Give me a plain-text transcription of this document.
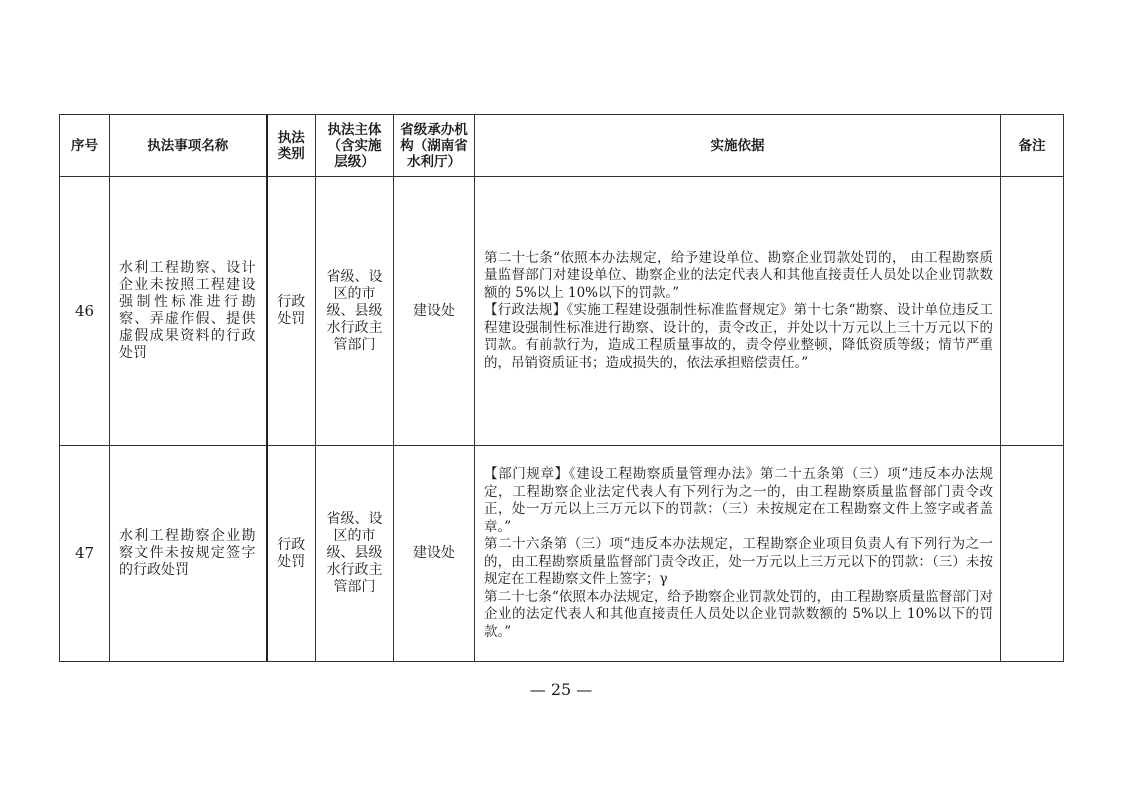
序号	执法事项名称	执法类别	执法主体（含实施层级）	省级承办机构（湖南省水利厅）	实施依据	备注
46	水利工程勘察、设计企业未按照工程建设强制性标准进行勘察、弄虚作假、提供虚假成果资料的行政处罚	行政处罚	省级、设区的市级、县级水行政主管部门	建设处	第二十七条“依照本办法规定，给予建设单位、勘察企业罚款处罚的， 由工程勘察质量监督部门对建设单位、勘察企业的法定代表人和其他直接责任人员处以企业罚款数额的 5%以上 10%以下的罚款。”
【行政法规】《实施工程建设强制性标准监督规定》第十七条“勘察、设计单位违反工程建设强制性标准进行勘察、设计的，责令改正，并处以十万元以上三十万元以下的罚款。有前款行为，造成工程质量事故的，责令停业整顿，降低资质等级；情节严重的，吊销资质证书；造成损失的，依法承担赔偿责任。”	

47	水利工程勘察企业勘察文件未按规定签字的行政处罚	行政处罚	省级、设区的市级、县级水行政主管部门	建设处	【部门规章】《建设工程勘察质量管理办法》第二十五条第（三）项“违反本办法规定，工程勘察企业法定代表人有下列行为之一的，由工程勘察质量监督部门责令改正，处一万元以上三万元以下的罚款：（三）未按规定在工程勘察文件上签字或者盖章。”
第二十六条第（三）项“违反本办法规定，工程勘察企业项目负责人有下列行为之一的，由工程勘察质量监督部门责令改正，处一万元以上三万元以下的罚款：（三）未按规定在工程勘察文件上签字；γ
第二十七条“依照本办法规定，给予勘察企业罚款处罚的，由工程勘察质量监督部门对企业的法定代表人和其他直接责任人员处以企业罚款数额的 5%以上 10%以下的罚款。”	

— 25 —
